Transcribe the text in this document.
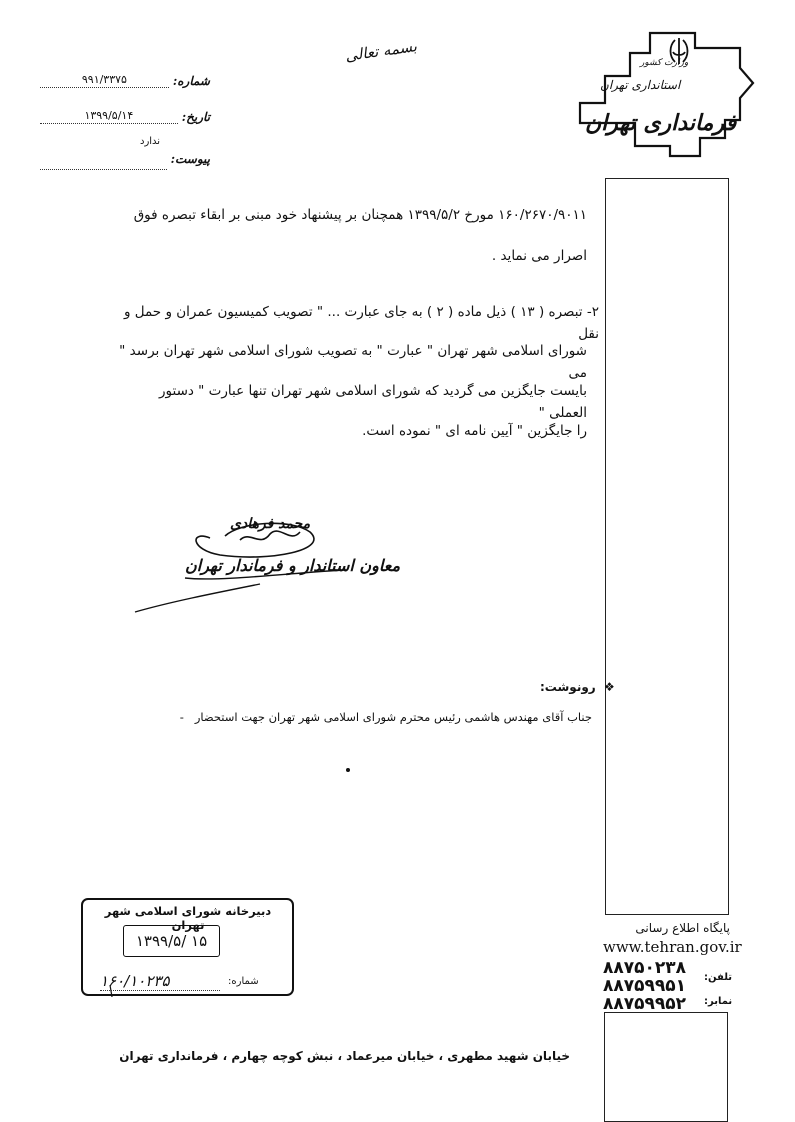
بسمه تعالی
شماره:
۹۹۱/۳۳۷۵
تاریخ:
۱۳۹۹/۵/۱۴
پیوست:
ندارد
وزارت کشور
استانداری تهران
فرمانداری تهران
۱۶۰/۲۶۷۰/۹۰۱۱ مورخ ۱۳۹۹/۵/۲ همچنان بر پیشنهاد خود مبنی بر ابقاء تبصره فوق
اصرار می نماید .
۲- تبصره ( ۱۳ ) ذیل ماده ( ۲ ) به جای عبارت ... " تصویب کمیسیون عمران و حمل و نقل
شورای اسلامی شهر تهران " عبارت " به تصویب شورای اسلامی شهر تهران برسد " می
بایست جایگزین می گردید که شورای اسلامی شهر تهران تنها عبارت " دستور العملی "
را جایگزین " آیین نامه ای " نموده است.
محمد فرهادی
معاون استاندار و فرماندار تهران
❖
رونوشت:
جناب آقای مهندس هاشمی رئیس محترم شورای اسلامی شهر تهران جهت استحضار   -
دبیرخانه شورای اسلامی شهر تهران
۱۳۹۹/۵/ ۱۵
شماره:
۱۶۰/۱۰۲۳۵
پایگاه اطلاع رسانی
www.tehran.gov.ir
۸۸۷۵۰۲۳۸ تلفن:
۸۸۷۵۹۹۵۱
۸۸۷۵۹۹۵۲ نمابر:
خیابان شهید مطهری ، خیابان میرعماد ، نبش کوچه چهارم ، فرمانداری تهران
